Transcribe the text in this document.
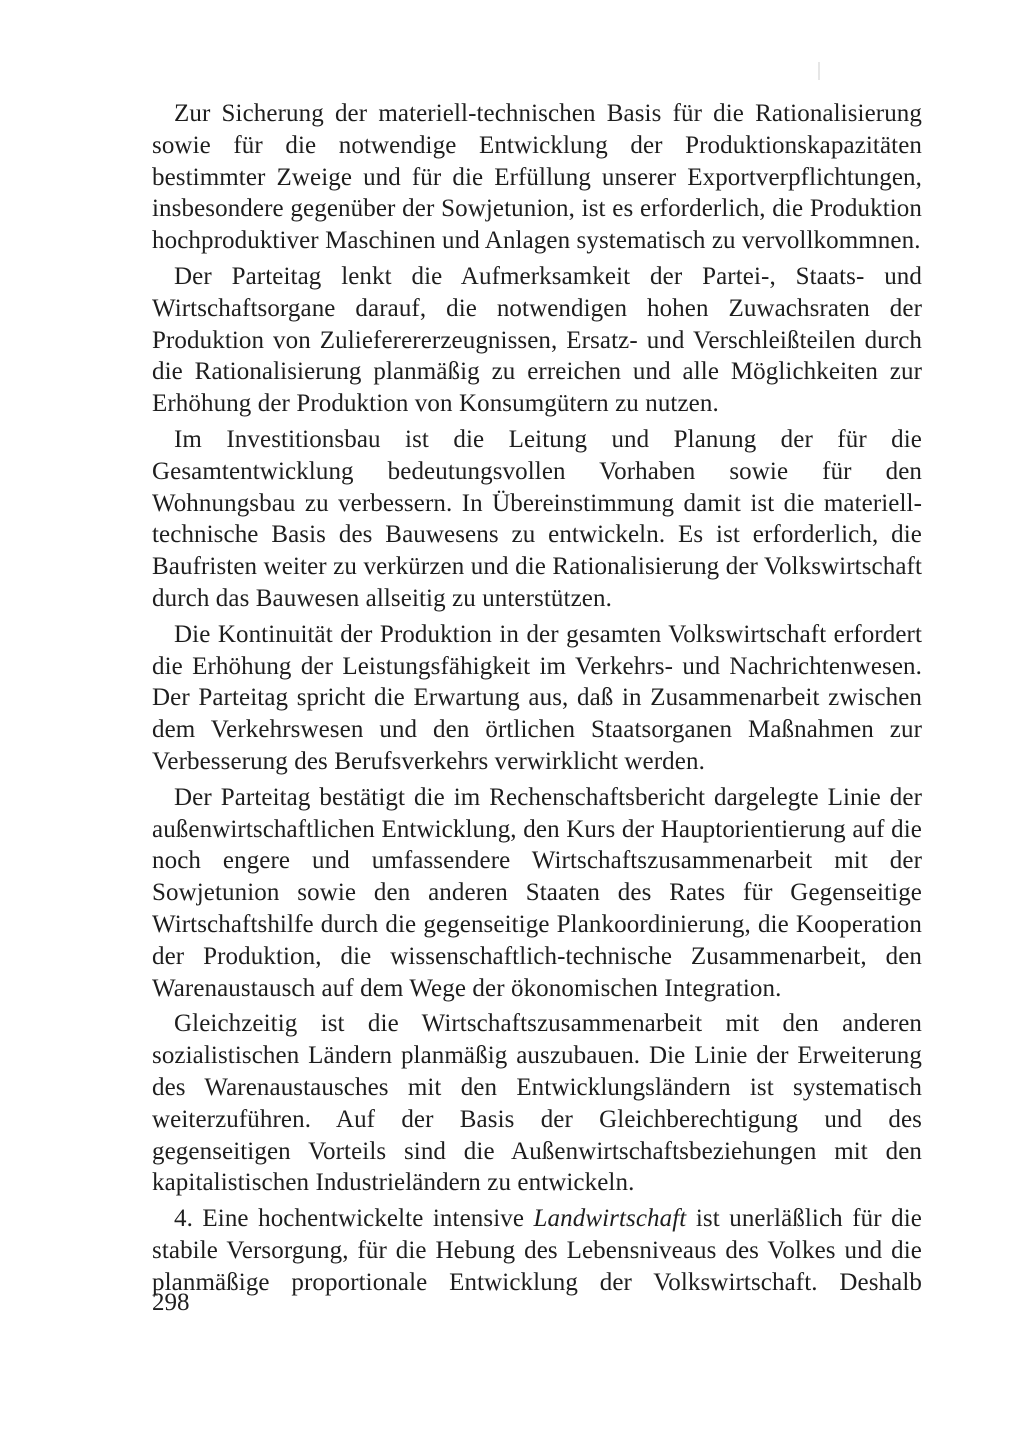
Zur Sicherung der materiell-technischen Basis für die Rationalisierung sowie für die notwendige Entwicklung der Produktionskapazitäten bestimmter Zweige und für die Erfüllung unserer Exportverpflichtungen, insbesondere gegenüber der Sowjetunion, ist es erforderlich, die Produktion hochproduktiver Maschinen und Anlagen systematisch zu vervollkommnen.

Der Parteitag lenkt die Aufmerksamkeit der Partei-, Staats- und Wirtschaftsorgane darauf, die notwendigen hohen Zuwachsraten der Produktion von Zulieferererzeugnissen, Ersatz- und Verschleißteilen durch die Rationalisierung planmäßig zu erreichen und alle Möglichkeiten zur Erhöhung der Produktion von Konsumgütern zu nutzen.

Im Investitionsbau ist die Leitung und Planung der für die Gesamtentwicklung bedeutungsvollen Vorhaben sowie für den Wohnungsbau zu verbessern. In Übereinstimmung damit ist die materiell-technische Basis des Bauwesens zu entwickeln. Es ist erforderlich, die Baufristen weiter zu verkürzen und die Rationalisierung der Volkswirtschaft durch das Bauwesen allseitig zu unterstützen.

Die Kontinuität der Produktion in der gesamten Volkswirtschaft erfordert die Erhöhung der Leistungsfähigkeit im Verkehrs- und Nachrichtenwesen. Der Parteitag spricht die Erwartung aus, daß in Zusammenarbeit zwischen dem Verkehrswesen und den örtlichen Staatsorganen Maßnahmen zur Verbesserung des Berufsverkehrs verwirklicht werden.

Der Parteitag bestätigt die im Rechenschaftsbericht dargelegte Linie der außenwirtschaftlichen Entwicklung, den Kurs der Hauptorientierung auf die noch engere und umfassendere Wirtschaftszusammenarbeit mit der Sowjetunion sowie den anderen Staaten des Rates für Gegenseitige Wirtschaftshilfe durch die gegenseitige Plankoordinierung, die Kooperation der Produktion, die wissenschaftlich-technische Zusammenarbeit, den Warenaustausch auf dem Wege der ökonomischen Integration.

Gleichzeitig ist die Wirtschaftszusammenarbeit mit den anderen sozialistischen Ländern planmäßig auszubauen. Die Linie der Erweiterung des Warenaustausches mit den Entwicklungsländern ist systematisch weiterzuführen. Auf der Basis der Gleichberechtigung und des gegenseitigen Vorteils sind die Außenwirtschaftsbeziehungen mit den kapitalistischen Industrieländern zu entwickeln.

4. Eine hochentwickelte intensive Landwirtschaft ist unerläßlich für die stabile Versorgung, für die Hebung des Lebensniveaus des Volkes und die planmäßige proportionale Entwicklung der Volkswirtschaft. Deshalb

298
